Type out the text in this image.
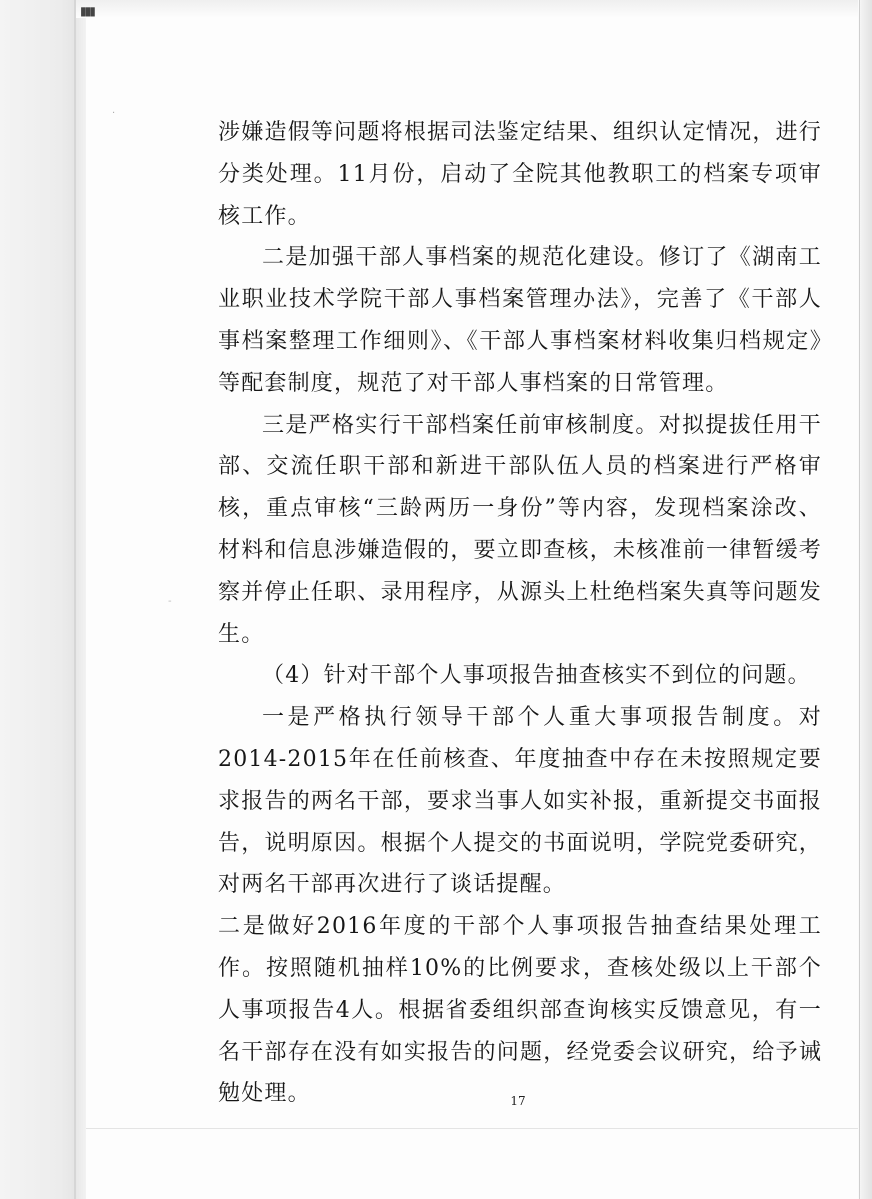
▮▮▮
·
-

涉嫌造假等问题将根据司法鉴定结果、组织认定情况，进行分类处理。11月份，启动了全院其他教职工的档案专项审核工作。

二是加强干部人事档案的规范化建设。修订了《湖南工业职业技术学院干部人事档案管理办法》，完善了《干部人事档案整理工作细则》、《干部人事档案材料收集归档规定》等配套制度，规范了对干部人事档案的日常管理。

三是严格实行干部档案任前审核制度。对拟提拔任用干部、交流任职干部和新进干部队伍人员的档案进行严格审核，重点审核“三龄两历一身份”等内容，发现档案涂改、材料和信息涉嫌造假的，要立即查核，未核准前一律暂缓考察并停止任职、录用程序，从源头上杜绝档案失真等问题发生。

（4）针对干部个人事项报告抽查核实不到位的问题。

一是严格执行领导干部个人重大事项报告制度。对2014-2015年在任前核查、年度抽查中存在未按照规定要求报告的两名干部，要求当事人如实补报，重新提交书面报告，说明原因。根据个人提交的书面说明，学院党委研究，对两名干部再次进行了谈话提醒。

二是做好2016年度的干部个人事项报告抽查结果处理工作。按照随机抽样10%的比例要求，查核处级以上干部个人事项报告4人。根据省委组织部查询核实反馈意见，有一名干部存在没有如实报告的问题，经党委会议研究，给予诫勉处理。	17
